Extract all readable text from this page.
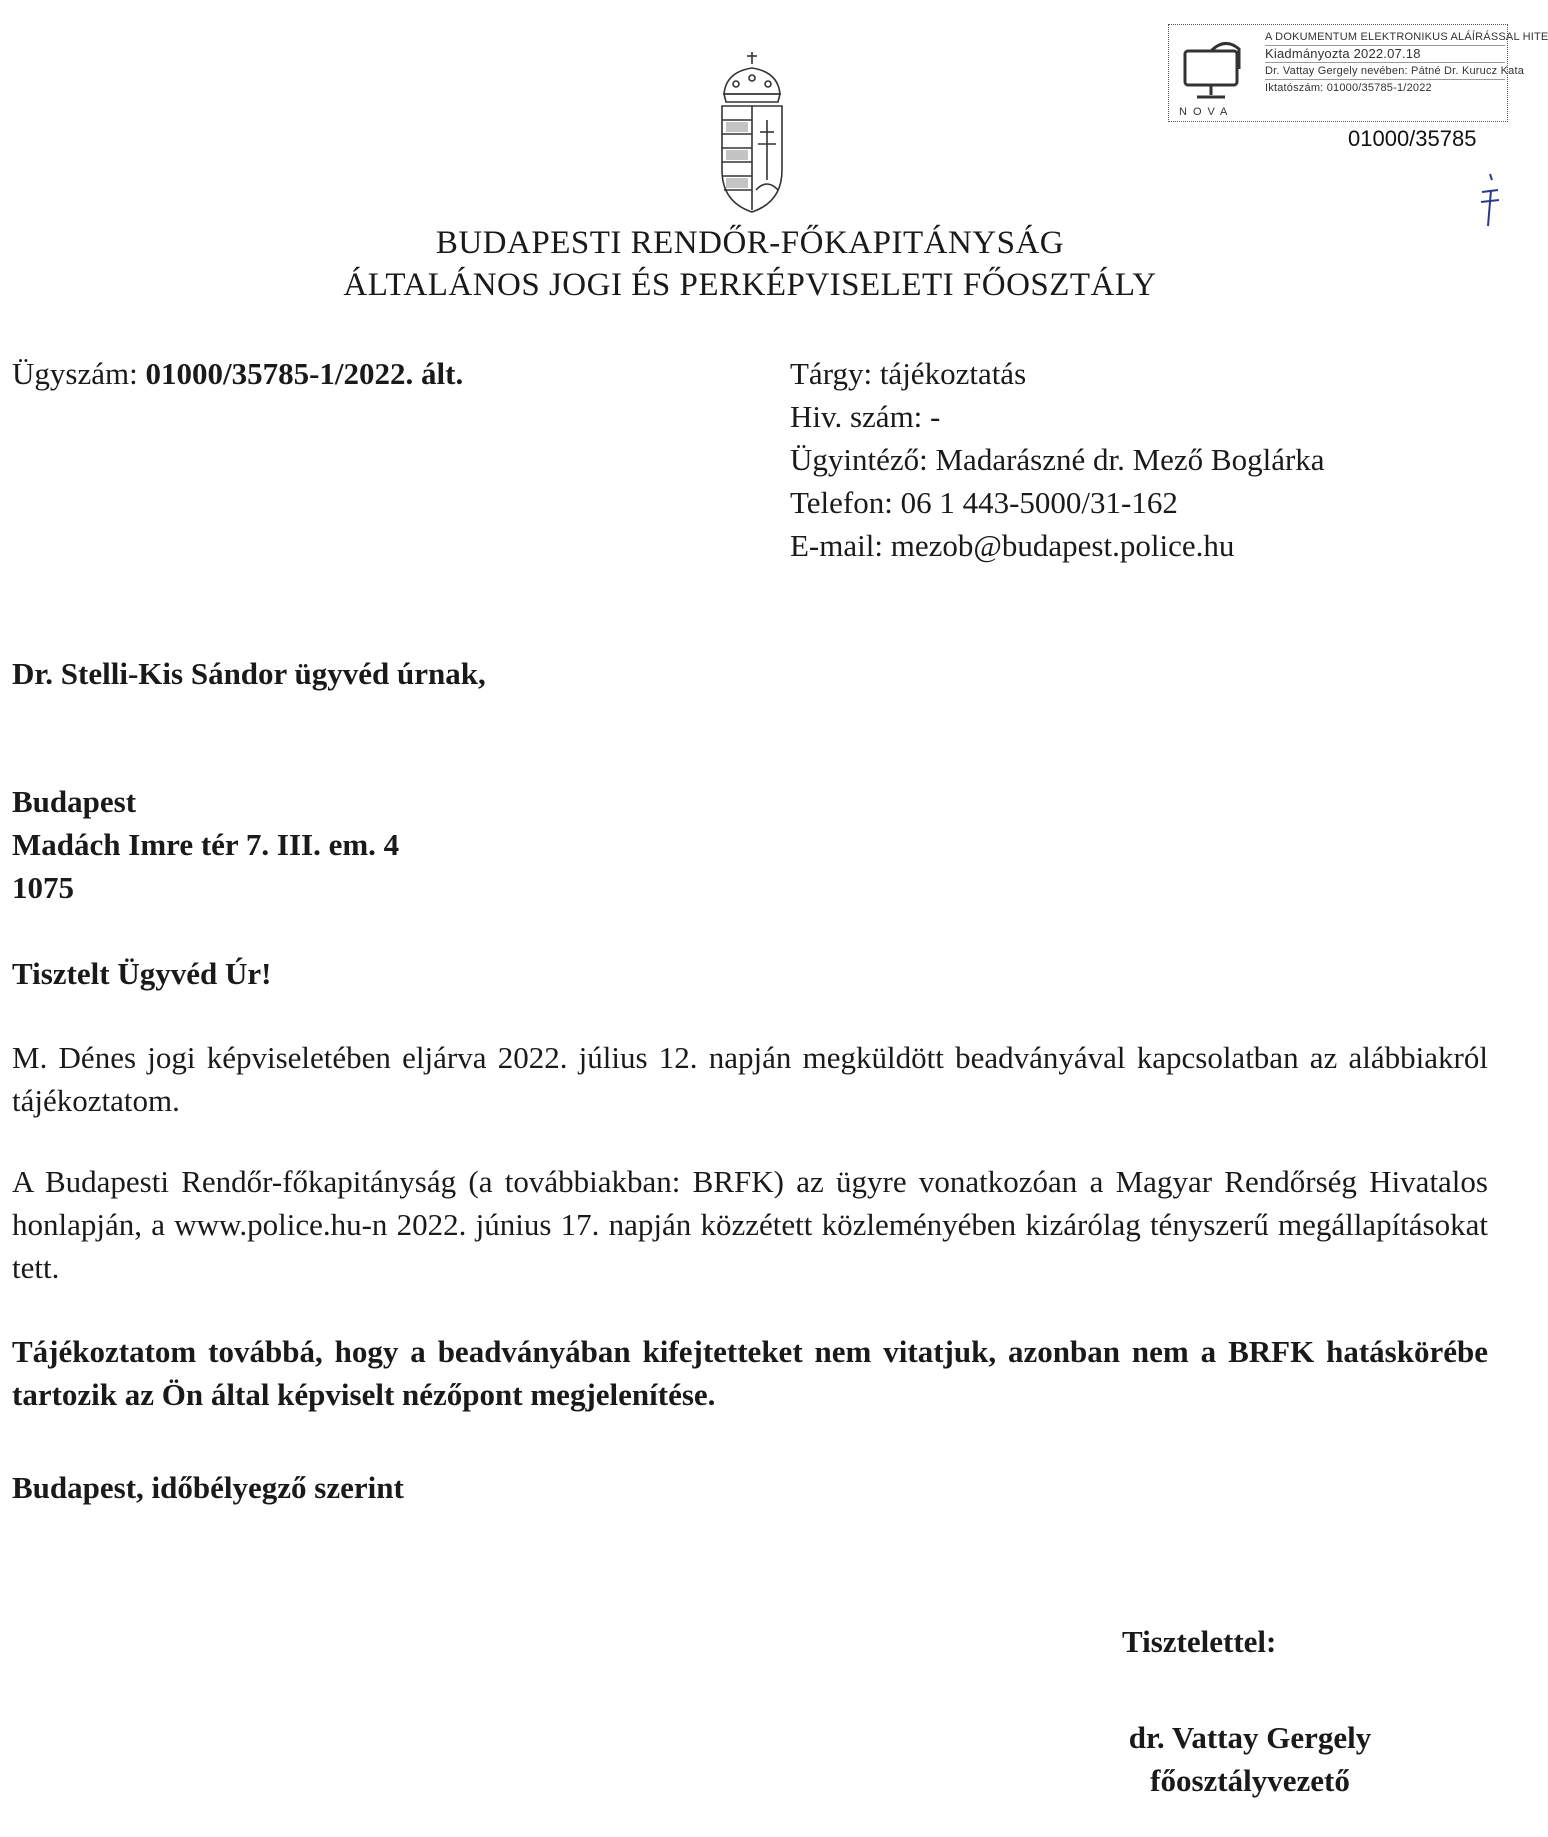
NOVA
A DOKUMENTUM ELEKTRONIKUS ALÁÍRÁSSAL HITE
Kiadmányozta 2022.07.18
Dr. Vattay Gergely nevében: Pátné Dr. Kurucz Kata
Iktatószám: 01000/35785-1/2022
01000/35785
BUDAPESTI RENDŐR-FŐKAPITÁNYSÁG
ÁLTALÁNOS JOGI ÉS PERKÉPVISELETI FŐOSZTÁLY
Ügyszám: 01000/35785-1/2022. ált.	Tárgy: tájékoztatás
Hiv. szám: -
Ügyintéző: Madarászné dr. Mező Boglárka
Telefon: 06 1 443-5000/31-162
E-mail: mezob@budapest.police.hu
Dr. Stelli-Kis Sándor ügyvéd úrnak,
Budapest
Madách Imre tér 7. III. em. 4
1075
Tisztelt Ügyvéd Úr!
M. Dénes jogi képviseletében eljárva 2022. július 12. napján megküldött beadványával kapcsolatban az alábbiakról tájékoztatom.
A Budapesti Rendőr-főkapitányság (a továbbiakban: BRFK) az ügyre vonatkozóan a Magyar Rendőrség Hivatalos honlapján, a www.police.hu-n 2022. június 17. napján közzétett közleményében kizárólag tényszerű megállapításokat tett.
Tájékoztatom továbbá, hogy a beadványában kifejtetteket nem vitatjuk, azonban nem a BRFK hatáskörébe tartozik az Ön által képviselt nézőpont megjelenítése.
Budapest, időbélyegző szerint
Tisztelettel:
dr. Vattay Gergely
főosztályvezető
